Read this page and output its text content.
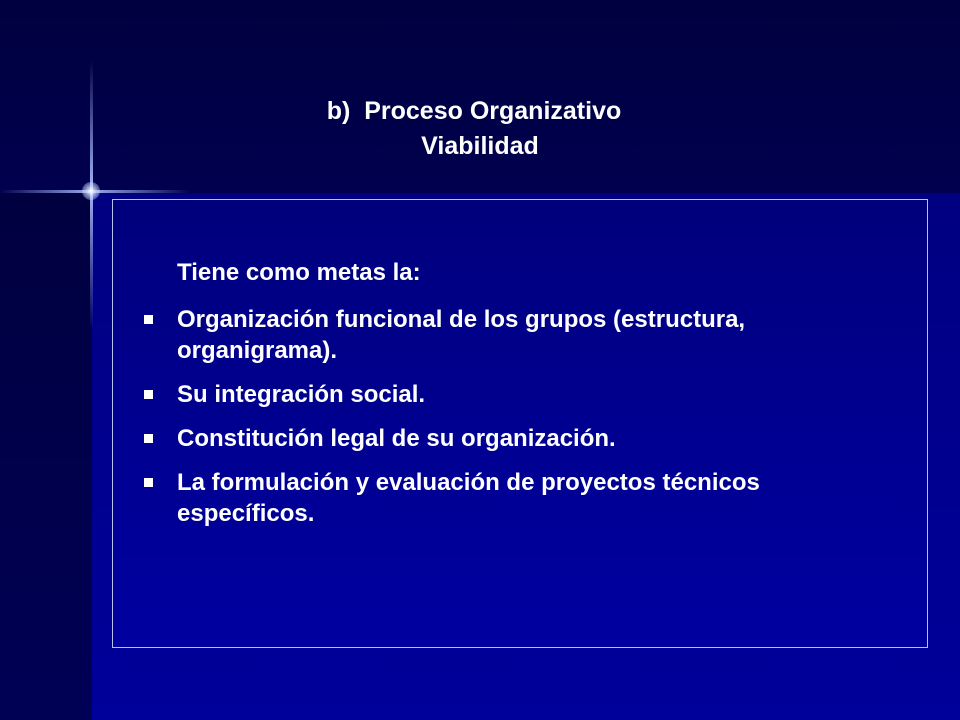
b)  Proceso Organizativo
Viabilidad
Tiene como metas la:
Organización funcional de los grupos (estructura, organigrama).
Su integración social.
Constitución legal de su organización.
La formulación y evaluación de proyectos técnicos específicos.
